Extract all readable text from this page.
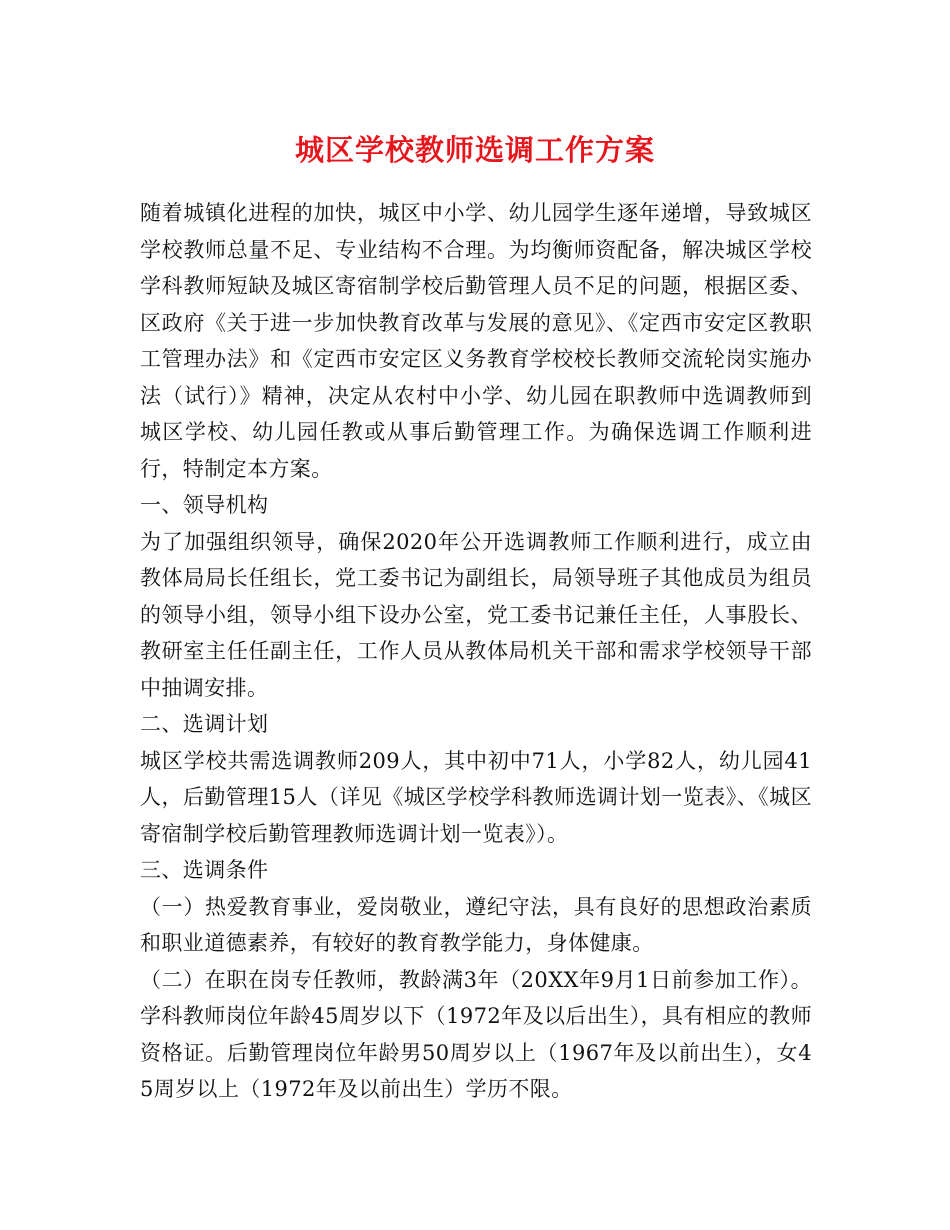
城区学校教师选调工作方案

随着城镇化进程的加快，城区中小学、幼儿园学生逐年递增，导致城区学校教师总量不足、专业结构不合理。为均衡师资配备，解决城区学校学科教师短缺及城区寄宿制学校后勤管理人员不足的问题，根据区委、区政府《关于进一步加快教育改革与发展的意见》、《定西市安定区教职工管理办法》和《定西市安定区义务教育学校校长教师交流轮岗实施办法（试行）》精神，决定从农村中小学、幼儿园在职教师中选调教师到城区学校、幼儿园任教或从事后勤管理工作。为确保选调工作顺利进行，特制定本方案。

一、领导机构

为了加强组织领导，确保2020年公开选调教师工作顺利进行，成立由教体局局长任组长，党工委书记为副组长，局领导班子其他成员为组员的领导小组，领导小组下设办公室，党工委书记兼任主任，人事股长、教研室主任任副主任，工作人员从教体局机关干部和需求学校领导干部中抽调安排。

二、选调计划

城区学校共需选调教师209人，其中初中71人，小学82人，幼儿园41人，后勤管理15人（详见《城区学校学科教师选调计划一览表》、《城区寄宿制学校后勤管理教师选调计划一览表》）。

三、选调条件

（一）热爱教育事业，爱岗敬业，遵纪守法，具有良好的思想政治素质和职业道德素养，有较好的教育教学能力，身体健康。

（二）在职在岗专任教师，教龄满3年（20XX年9月1日前参加工作）。学科教师岗位年龄45周岁以下（1972年及以后出生），具有相应的教师资格证。后勤管理岗位年龄男50周岁以上（1967年及以前出生），女45周岁以上（1972年及以前出生）学历不限。
